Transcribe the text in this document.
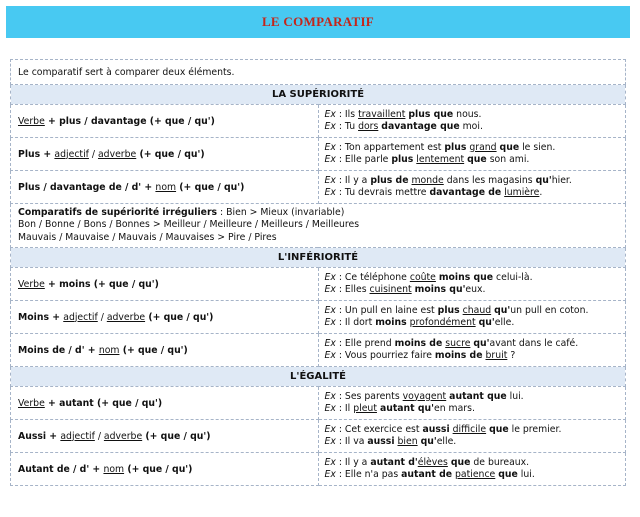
LE COMPARATIF
Le comparatif sert à comparer deux éléments.	
LA SUPÉRIORITÉ	
Verbe + plus / davantage (+ que / qu')	Ex : Ils travaillent plus que nous.
Ex : Tu dors davantage que moi.

Plus + adjectif / adverbe (+ que / qu')	Ex : Ton appartement est plus grand que le sien.
Ex : Elle parle plus lentement que son ami.

Plus / davantage de / d' + nom (+ que / qu')	Ex : Il y a plus de monde dans les magasins qu'hier.
Ex : Tu devrais mettre davantage de lumière.

Comparatifs de supériorité irréguliers : Bien > Mieux (invariable)
Bon / Bonne / Bons / Bonnes > Meilleur / Meilleure / Meilleurs / Meilleures
Mauvais / Mauvaise / Mauvais / Mauvaises > Pire / Pires	

L'INFÉRIORITÉ	
Verbe + moins (+ que / qu')	Ex : Ce téléphone coûte moins que celui-là.
Ex : Elles cuisinent moins qu'eux.

Moins + adjectif / adverbe (+ que / qu')	Ex : Un pull en laine est plus chaud qu'un pull en coton.
Ex : Il dort moins profondément qu'elle.

Moins de / d' + nom (+ que / qu')	Ex : Elle prend moins de sucre qu'avant dans le café.
Ex : Vous pourriez faire moins de bruit ?

L'ÉGALITÉ	
Verbe + autant (+ que / qu')	Ex : Ses parents voyagent autant que lui.
Ex : Il pleut autant qu'en mars.

Aussi + adjectif / adverbe (+ que / qu')	Ex : Cet exercice est aussi difficile que le premier.
Ex : Il va aussi bien qu'elle.

Autant de / d' + nom (+ que / qu')	Ex : Il y a autant d'élèves que de bureaux.
Ex : Elle n'a pas autant de patience que lui.
